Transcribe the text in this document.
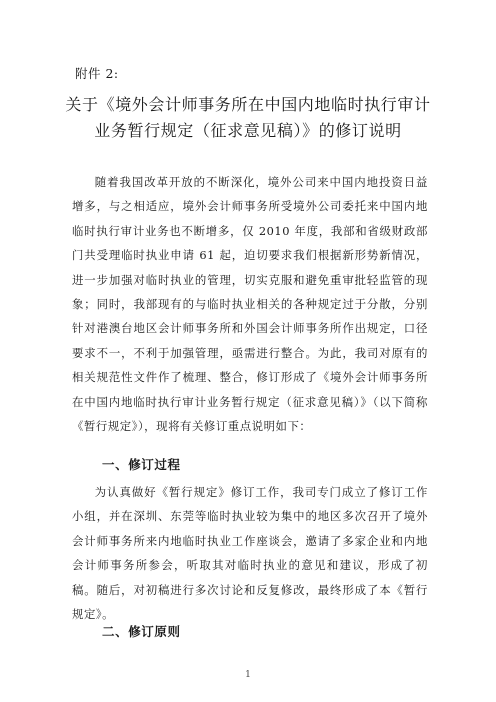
附件 2:
关于《境外会计师事务所在中国内地临时执行审计
业务暂行规定（征求意见稿）》的修订说明
随着我国改革开放的不断深化，境外公司来中国内地投资日益增多，与之相适应，境外会计师事务所受境外公司委托来中国内地临时执行审计业务也不断增多，仅 2010 年度，我部和省级财政部门共受理临时执业申请 61 起，迫切要求我们根据新形势新情况，进一步加强对临时执业的管理，切实克服和避免重审批轻监管的现象；同时，我部现有的与临时执业相关的各种规定过于分散，分别针对港澳台地区会计师事务所和外国会计师事务所作出规定，口径要求不一，不利于加强管理，亟需进行整合。为此，我司对原有的相关规范性文件作了梳理、整合，修订形成了《境外会计师事务所在中国内地临时执行审计业务暂行规定（征求意见稿）》（以下简称《暂行规定》），现将有关修订重点说明如下：
一、修订过程
为认真做好《暂行规定》修订工作，我司专门成立了修订工作小组，并在深圳、东莞等临时执业较为集中的地区多次召开了境外会计师事务所来内地临时执业工作座谈会，邀请了多家企业和内地会计师事务所参会，听取其对临时执业的意见和建议，形成了初稿。随后，对初稿进行多次讨论和反复修改，最终形成了本《暂行规定》。
二、修订原则
1
